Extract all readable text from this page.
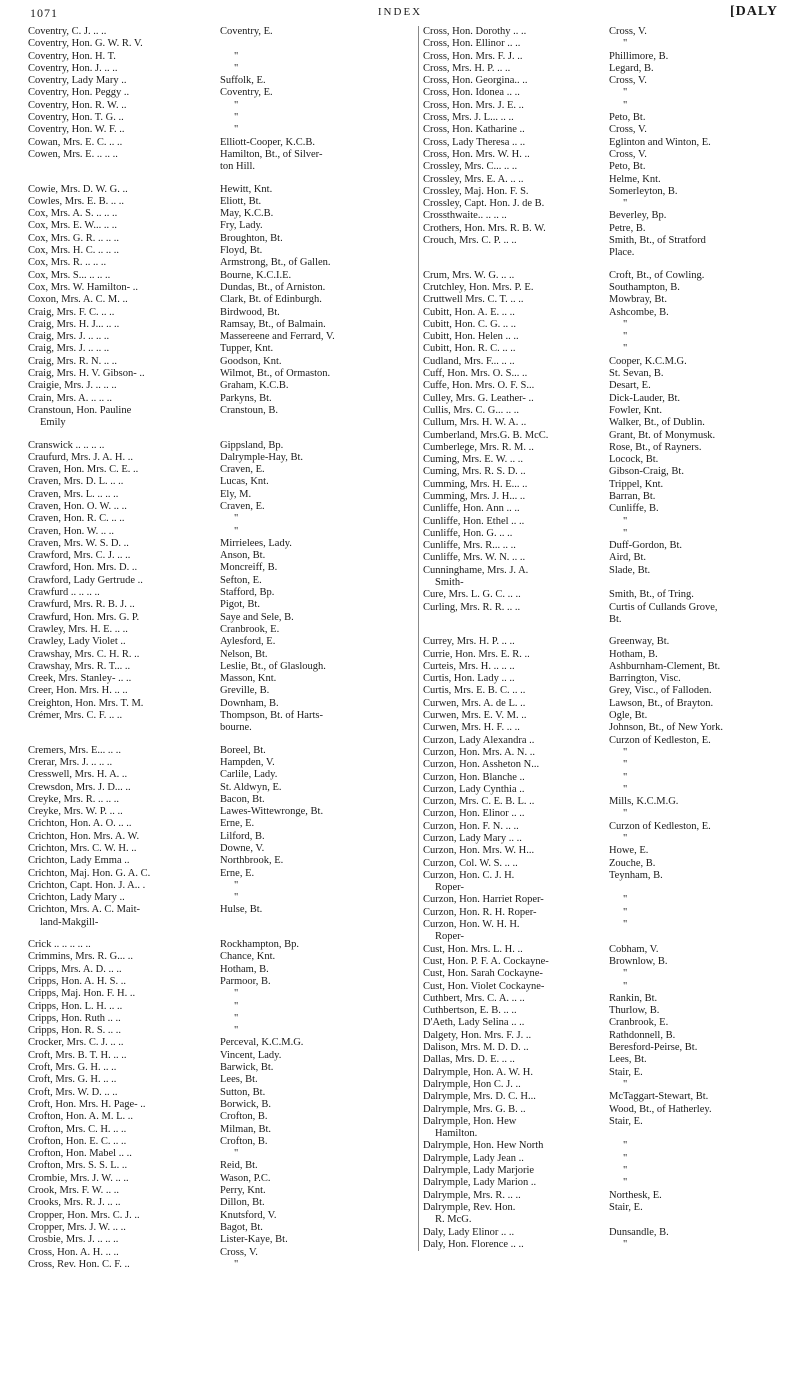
1071	INDEX	[DALY
Coventry, C. J. .. ..	Coventry, E.
Coventry, Hon. G. W. R. V.
Coventry, Hon. H. T.	"
Coventry, Hon. J. .. ..	"
Coventry, Lady Mary ..	Suffolk, E.
Coventry, Hon. Peggy ..	Coventry, E.
Coventry, Hon. R. W. ..	"
Coventry, Hon. T. G. ..	"
Coventry, Hon. W. F. ..	"
Cowan, Mrs. E. C. .. ..	Elliott-Cooper, K.C.B.
Cowen, Mrs. E. .. .. ..	Hamilton, Bt., of Silver-
ton Hill.
Cowie, Mrs. D. W. G. ..	Hewitt, Knt.
Cowles, Mrs. E. B. .. ..	Eliott, Bt.
Cox, Mrs. A. S. .. .. ..	May, K.C.B.
Cox, Mrs. E. W... .. ..	Fry, Lady.
Cox, Mrs. G. R. .. .. ..	Broughton, Bt.
Cox, Mrs. H. C. .. .. ..	Floyd, Bt.
Cox, Mrs. R. .. .. ..	Armstrong, Bt., of Gallen.
Cox, Mrs. S... .. .. ..	Bourne, K.C.I.E.
Cox, Mrs. W. Hamilton- ..	Dundas, Bt., of Arniston.
Coxon, Mrs. A. C. M. ..	Clark, Bt. of Edinburgh.
Craig, Mrs. F. C. .. ..	Birdwood, Bt.
Craig, Mrs. H. J... .. ..	Ramsay, Bt., of Balmain.
Craig, Mrs. J. .. .. ..	Massereene and Ferrard, V.
Craig, Mrs. J. .. .. ..	Tupper, Knt.
Craig, Mrs. R. N. .. ..	Goodson, Knt.
Craig, Mrs. H. V. Gibson- ..	Wilmot, Bt., of Ormaston.
Craigie, Mrs. J. .. .. ..	Graham, K.C.B.
Crain, Mrs. A. .. .. ..	Parkyns, Bt.
Cranstoun, Hon. Pauline	Cranstoun, B.
Emily
Cranswick .. .. .. ..	Gippsland, Bp.
Craufurd, Mrs. J. A. H. ..	Dalrymple-Hay, Bt.
Craven, Hon. Mrs. C. E. ..	Craven, E.
Craven, Mrs. D. L. .. ..	Lucas, Knt.
Craven, Mrs. L. .. .. ..	Ely, M.
Craven, Hon. O. W. .. ..	Craven, E.
Craven, Hon. R. C. .. ..	"
Craven, Hon. W. .. ..	"
Craven, Mrs. W. S. D. ..	Mirrielees, Lady.
Crawford, Mrs. C. J. .. ..	Anson, Bt.
Crawford, Hon. Mrs. D. ..	Moncreiff, B.
Crawford, Lady Gertrude ..	Sefton, E.
Crawfurd .. .. .. ..	Stafford, Bp.
Crawfurd, Mrs. R. B. J. ..	Pigot, Bt.
Crawfurd, Hon. Mrs. G. P.	Saye and Sele, B.
Crawley, Mrs. H. E. .. ..	Cranbrook, E.
Crawley, Lady Violet ..	Aylesford, E.
Crawshay, Mrs. C. H. R. ..	Nelson, Bt.
Crawshay, Mrs. R. T... ..	Leslie, Bt., of Glaslough.
Creek, Mrs. Stanley- .. ..	Masson, Knt.
Creer, Hon. Mrs. H. .. ..	Greville, B.
Creighton, Hon. Mrs. T. M.	Downham, B.
Crémer, Mrs. C. F. .. ..	Thompson, Bt. of Harts-
bourne.
Cremers, Mrs. E... .. ..	Boreel, Bt.
Crerar, Mrs. J. .. .. ..	Hampden, V.
Cresswell, Mrs. H. A. ..	Carlile, Lady.
Crewsdon, Mrs. J. D... ..	St. Aldwyn, E.
Creyke, Mrs. R. .. .. ..	Bacon, Bt.
Creyke, Mrs. W. P. .. ..	Lawes-Wittewronge, Bt.
Crichton, Hon. A. O. .. ..	Erne, E.
Crichton, Hon. Mrs. A. W.	Lilford, B.
Crichton, Mrs. C. W. H. ..	Downe, V.
Crichton, Lady Emma ..	Northbrook, E.
Crichton, Maj. Hon. G. A. C.	Erne, E.
Crichton, Capt. Hon. J. A.. .	"
Crichton, Lady Mary ..	"
Crichton, Mrs. A. C. Mait-	Hulse, Bt.
land-Makgill-
Crick .. .. .. .. ..	Rockhampton, Bp.
Crimmins, Mrs. R. G... ..	Chance, Knt.
Cripps, Mrs. A. D. .. ..	Hotham, B.
Cripps, Hon. A. H. S. ..	Parmoor, B.
Cripps, Maj. Hon. F. H. ..	"
Cripps, Hon. L. H. .. ..	"
Cripps, Hon. Ruth .. ..	"
Cripps, Hon. R. S. .. ..	"
Crocker, Mrs. C. J. .. ..	Perceval, K.C.M.G.
Croft, Mrs. B. T. H. .. ..	Vincent, Lady.
Croft, Mrs. G. H. .. ..	Barwick, Bt.
Croft, Mrs. G. H. .. ..	Lees, Bt.
Croft, Mrs. W. D. .. ..	Sutton, Bt.
Croft, Hon. Mrs. H. Page- ..	Borwick, B.
Crofton, Hon. A. M. L. ..	Crofton, B.
Crofton, Mrs. C. H. .. ..	Milman, Bt.
Crofton, Hon. E. C. .. ..	Crofton, B.
Crofton, Hon. Mabel .. ..	"
Crofton, Mrs. S. S. L. ..	Reid, Bt.
Crombie, Mrs. J. W. .. ..	Wason, P.C.
Crook, Mrs. F. W. .. ..	Perry, Knt.
Crooks, Mrs. R. J. .. ..	Dillon, Bt.
Cropper, Hon. Mrs. C. J. ..	Knutsford, V.
Cropper, Mrs. J. W. .. ..	Bagot, Bt.
Crosbie, Mrs. J. .. .. ..	Lister-Kaye, Bt.
Cross, Hon. A. H. .. ..	Cross, V.
Cross, Rev. Hon. C. F. ..	"
Cross, Hon. Dorothy .. ..	Cross, V.
Cross, Hon. Ellinor .. ..	"
Cross, Hon. Mrs. F. J. ..	Phillimore, B.
Cross, Mrs. H. P. .. ..	Legard, B.
Cross, Hon. Georgina.. ..	Cross, V.
Cross, Hon. Idonea .. ..	"
Cross, Hon. Mrs. J. E. ..	"
Cross, Mrs. J. L... .. ..	Peto, Bt.
Cross, Hon. Katharine ..	Cross, V.
Cross, Lady Theresa .. ..	Eglinton and Winton, E.
Cross, Hon. Mrs. W. H. ..	Cross, V.
Crossley, Mrs. C... .. ..	Peto, Bt.
Crossley, Mrs. E. A. .. ..	Helme, Knt.
Crossley, Maj. Hon. F. S.	Somerleyton, B.
Crossley, Capt. Hon. J. de B.	"
Crossthwaite.. .. .. ..	Beverley, Bp.
Crothers, Hon. Mrs. R. B. W.	Petre, B.
Crouch, Mrs. C. P. .. ..	Smith, Bt., of Stratford
Place.
Crum, Mrs. W. G. .. ..	Croft, Bt., of Cowling.
Crutchley, Hon. Mrs. P. E.	Southampton, B.
Cruttwell Mrs. C. T. .. ..	Mowbray, Bt.
Cubitt, Hon. A. E. .. ..	Ashcombe, B.
Cubitt, Hon. C. G. .. ..	"
Cubitt, Hon. Helen .. ..	"
Cubitt, Hon. R. C. .. ..	"
Cudland, Mrs. F... .. ..	Cooper, K.C.M.G.
Cuff, Hon. Mrs. O. S... ..	St. Sevan, B.
Cuffe, Hon. Mrs. O. F. S...	Desart, E.
Culley, Mrs. G. Leather- ..	Dick-Lauder, Bt.
Cullis, Mrs. C. G... .. ..	Fowler, Knt.
Cullum, Mrs. H. W. A. ..	Walker, Bt., of Dublin.
Cumberland, Mrs.G. B. McC.	Grant, Bt. of Monymusk.
Cumberlege, Mrs. R. M. ..	Rose, Bt., of Rayners.
Cuming, Mrs. E. W. .. ..	Locock, Bt.
Cuming, Mrs. R. S. D. ..	Gibson-Craig, Bt.
Cumming, Mrs. H. E... ..	Trippel, Knt.
Cumming, Mrs. J. H... ..	Barran, Bt.
Cunliffe, Hon. Ann .. ..	Cunliffe, B.
Cunliffe, Hon. Ethel .. ..	"
Cunliffe, Hon. G. .. ..	"
Cunliffe, Mrs. R... .. ..	Duff-Gordon, Bt.
Cunliffe, Mrs. W. N. .. ..	Aird, Bt.
Cunninghame, Mrs. J. A.	Slade, Bt.
Smith-
Cure, Mrs. L. G. C. .. ..	Smith, Bt., of Tring.
Curling, Mrs. R. R. .. ..	Curtis of Cullands Grove,
Bt.
Currey, Mrs. H. P. .. ..	Greenway, Bt.
Currie, Hon. Mrs. E. R. ..	Hotham, B.
Curteis, Mrs. H. .. .. ..	Ashburnham-Clement, Bt.
Curtis, Hon. Lady .. ..	Barrington, Visc.
Curtis, Mrs. E. B. C. .. ..	Grey, Visc., of Falloden.
Curwen, Mrs. A. de L. ..	Lawson, Bt., of Brayton.
Curwen, Mrs. E. V. M. ..	Ogle, Bt.
Curwen, Mrs. H. F. .. ..	Johnson, Bt., of New York.
Curzon, Lady Alexandra ..	Curzon of Kedleston, E.
Curzon, Hon. Mrs. A. N. ..	"
Curzon, Hon. Assheton N...	"
Curzon, Hon. Blanche ..	"
Curzon, Lady Cynthia ..	"
Curzon, Mrs. C. E. B. L. ..	Mills, K.C.M.G.
Curzon, Hon. Elinor .. ..	"
Curzon, Hon. F. N. .. ..	Curzon of Kedleston, E.
Curzon, Lady Mary .. ..	"
Curzon, Hon. Mrs. W. H...	Howe, E.
Curzon, Col. W. S. .. ..	Zouche, B.
Curzon, Hon. C. J. H.	Teynham, B.
Roper-
Curzon, Hon. Harriet Roper-	"
Curzon, Hon. R. H. Roper-	"
Curzon, Hon. W. H. H.	"
Roper-
Cust, Hon. Mrs. L. H. ..	Cobham, V.
Cust, Hon. P. F. A. Cockayne-	Brownlow, B.
Cust, Hon. Sarah Cockayne-	"
Cust, Hon. Violet Cockayne-	"
Cuthbert, Mrs. C. A. .. ..	Rankin, Bt.
Cuthbertson, E. B. .. ..	Thurlow, B.
D'Aeth, Lady Selina .. ..	Cranbrook, E.
Dalgety, Hon. Mrs. F. J. ..	Rathdonnell, B.
Dalison, Mrs. M. D. D. ..	Beresford-Peirse, Bt.
Dallas, Mrs. D. E. .. ..	Lees, Bt.
Dalrymple, Hon. A. W. H.	Stair, E.
Dalrymple, Hon C. J. ..	"
Dalrymple, Mrs. D. C. H...	McTaggart-Stewart, Bt.
Dalrymple, Mrs. G. B. ..	Wood, Bt., of Hatherley.
Dalrymple, Hon. Hew	Stair, E.
Hamilton.
Dalrymple, Hon. Hew North	"
Dalrymple, Lady Jean ..	"
Dalrymple, Lady Marjorie	"
Dalrymple, Lady Marion ..	"
Dalrymple, Mrs. R. .. ..	Northesk, E.
Dalrymple, Rev. Hon.	Stair, E.
R. McG.
Daly, Lady Elinor .. ..	Dunsandle, B.
Daly, Hon. Florence .. ..	"
